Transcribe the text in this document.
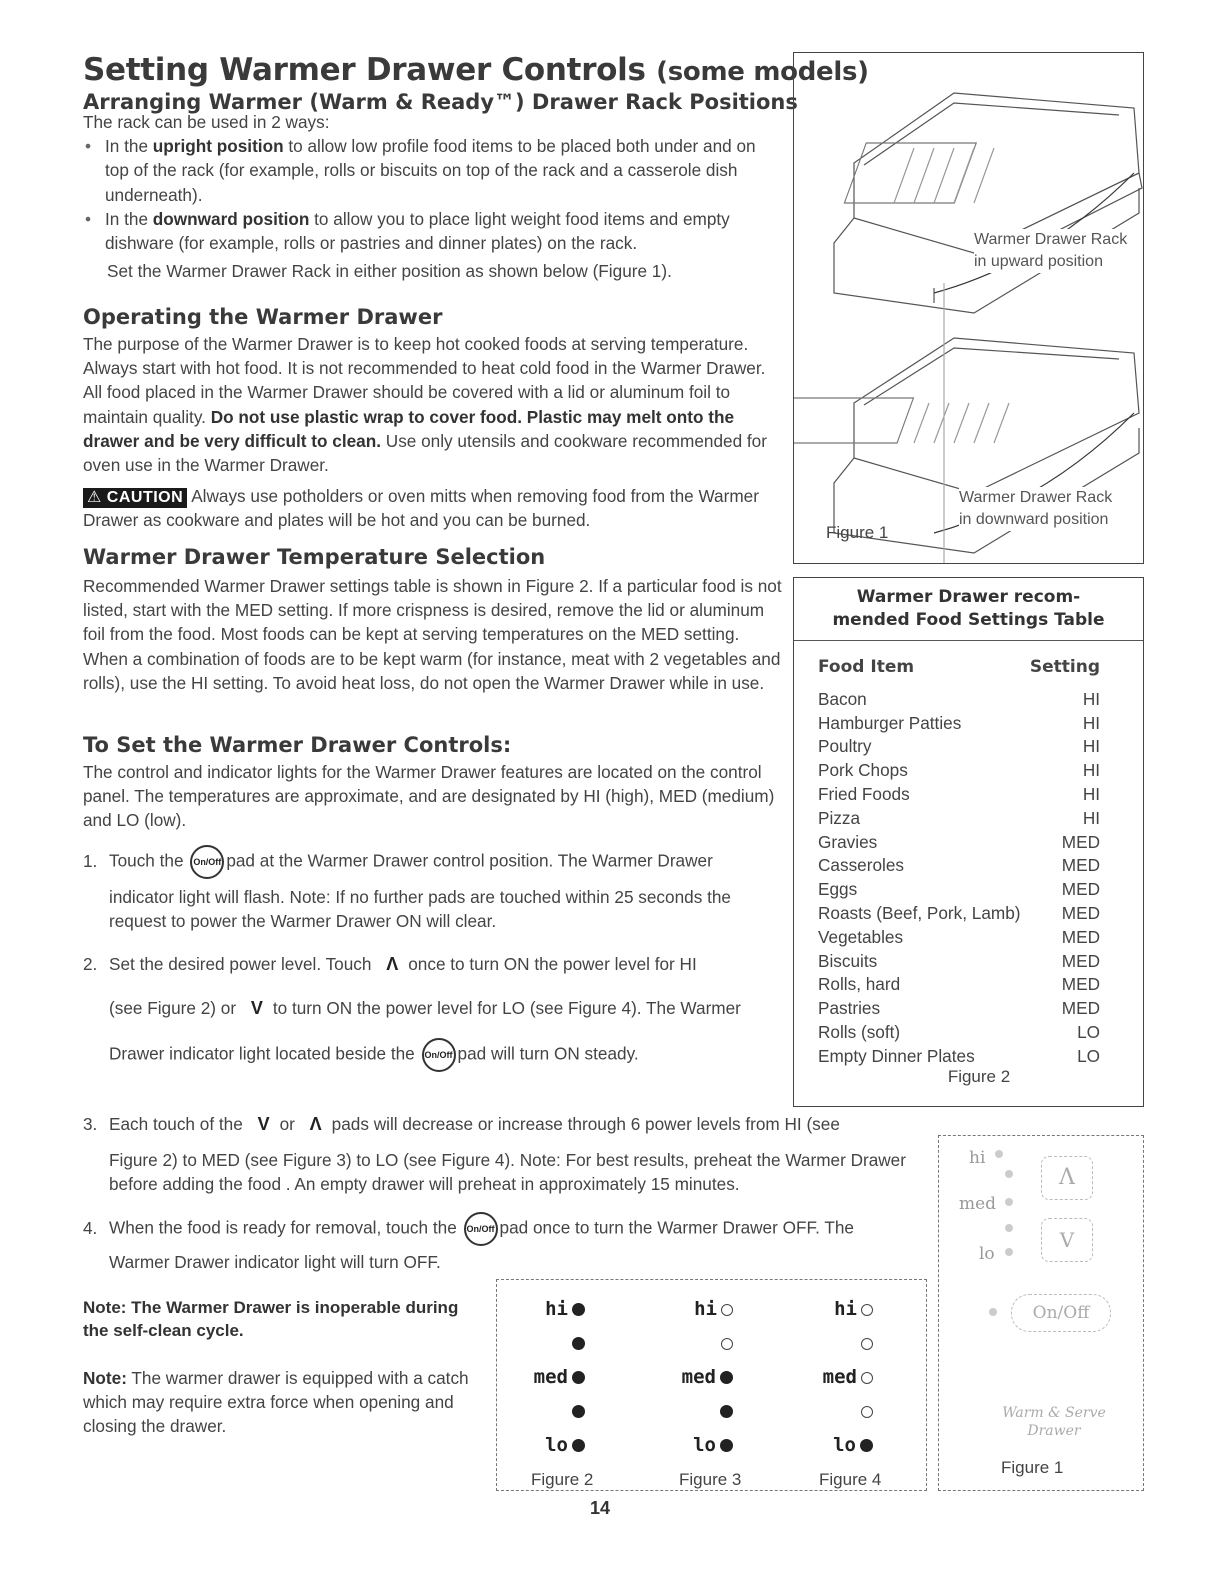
Setting Warmer Drawer Controls (some models)
Arranging Warmer (Warm & Ready™) Drawer Rack Positions
The rack can be used in 2 ways:
• In the upright position to allow low profile food items to be placed both under and on top of the rack (for example, rolls or biscuits on top of the rack and a casserole dish underneath).
• In the downward position to allow you to place light weight food items and empty dishware (for example, rolls or pastries and dinner plates) on the rack.
Set the Warmer Drawer Rack in either position as shown below (Figure 1).
Operating the Warmer Drawer
The purpose of the Warmer Drawer is to keep hot cooked foods at serving temperature. Always start with hot food. It is not recommended to heat cold food in the Warmer Drawer. All food placed in the Warmer Drawer should be covered with a lid or aluminum foil to maintain quality. Do not use plastic wrap to cover food. Plastic may melt onto the drawer and be very difficult to clean. Use only utensils and cookware recommended for oven use in the Warmer Drawer.
⚠ CAUTION Always use potholders or oven mitts when removing food from the Warmer Drawer as cookware and plates will be hot and you can be burned.
Warmer Drawer Temperature Selection
Recommended Warmer Drawer settings table is shown in Figure 2. If a particular food is not listed, start with the MED setting. If more crispness is desired, remove the lid or aluminum foil from the food. Most foods can be kept at serving temperatures on the MED setting. When a combination of foods are to be kept warm (for instance, meat with 2 vegetables and rolls), use the HI setting. To avoid heat loss, do not open the Warmer Drawer while in use.
To Set the Warmer Drawer Controls:
The control and indicator lights for the Warmer Drawer features are located on the control panel. The temperatures are approximate, and are designated by HI (high), MED (medium) and LO (low).
1. Touch the On/Off pad at the Warmer Drawer control position. The Warmer Drawer
indicator light will flash. Note: If no further pads are touched within 25 seconds the request to power the Warmer Drawer ON will clear.
2. Set the desired power level. Touch Λ once to turn ON the power level for HI
(see Figure 2) or V to turn ON the power level for LO (see Figure 4). The Warmer
Drawer indicator light located beside the On/Off pad will turn ON steady.
3. Each touch of the V or Λ pads will decrease or increase through 6 power levels from HI (see
Figure 2) to MED (see Figure 3) to LO (see Figure 4). Note: For best results, preheat the Warmer Drawer before adding the food . An empty drawer will preheat in approximately 15 minutes.
4. When the food is ready for removal, touch the On/Off pad once to turn the Warmer Drawer OFF. The
Warmer Drawer indicator light will turn OFF.
Note: The Warmer Drawer is inoperable during the self-clean cycle.
Note: The warmer drawer is equipped with a catch which may require extra force when opening and closing the drawer.
Warmer Drawer Rack
in upward position
Warmer Drawer Rack
in downward position
Figure 1
Warmer Drawer recom-
mended Food Settings Table
Food Item	Setting
Bacon	HI
Hamburger Patties	HI
Poultry	HI
Pork Chops	HI
Fried Foods	HI
Pizza	HI
Gravies	MED
Casseroles	MED
Eggs	MED
Roasts (Beef, Pork, Lamb)	MED
Vegetables	MED
Biscuits	MED
Rolls, hard	MED
Pastries	MED
Rolls (soft)	LO
Empty Dinner Plates	LO
Figure 2
hi
med
lo
Figure 2
hi
med
lo
Figure 3
hi
med
lo
Figure 4
hi
med
lo
Λ
V
On/Off
Warm & Serve
Drawer
Figure 1
14
